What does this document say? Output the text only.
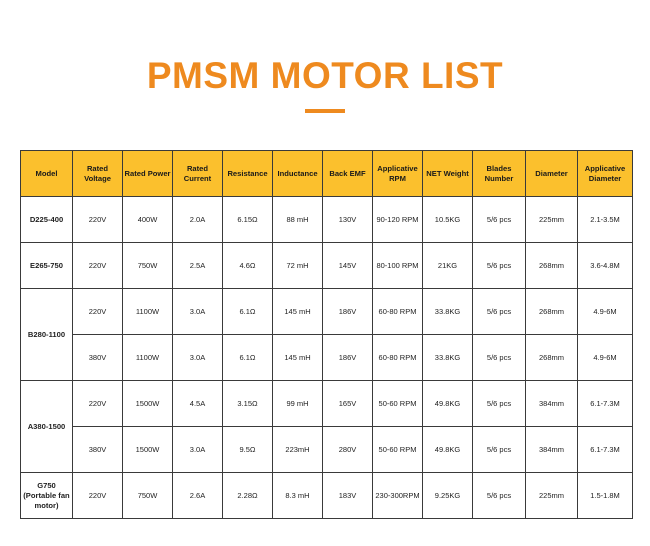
PMSM MOTOR LIST
Model	Rated Voltage	Rated Power	Rated Current	Resistance	Inductance	Back EMF	Applicative RPM	NET Weight	Blades Number	Diameter	Applicative Diameter
D225-400	220V	400W	2.0A	6.15Ω	88 mH	130V	90-120 RPM	10.5KG	5/6 pcs	225mm	2.1-3.5M
E265-750	220V	750W	2.5A	4.6Ω	72 mH	145V	80-100 RPM	21KG	5/6 pcs	268mm	3.6-4.8M
B280-1100	220V	1100W	3.0A	6.1Ω	145 mH	186V	60-80 RPM	33.8KG	5/6 pcs	268mm	4.9-6M
	380V	1100W	3.0A	6.1Ω	145 mH	186V	60-80 RPM	33.8KG	5/6 pcs	268mm	4.9-6M
A380-1500	220V	1500W	4.5A	3.15Ω	99 mH	165V	50-60 RPM	49.8KG	5/6 pcs	384mm	6.1-7.3M
	380V	1500W	3.0A	9.5Ω	223mH	280V	50-60 RPM	49.8KG	5/6 pcs	384mm	6.1-7.3M
G750 (Portable fan motor)	220V	750W	2.6A	2.28Ω	8.3 mH	183V	230-300RPM	9.25KG	5/6 pcs	225mm	1.5-1.8M
